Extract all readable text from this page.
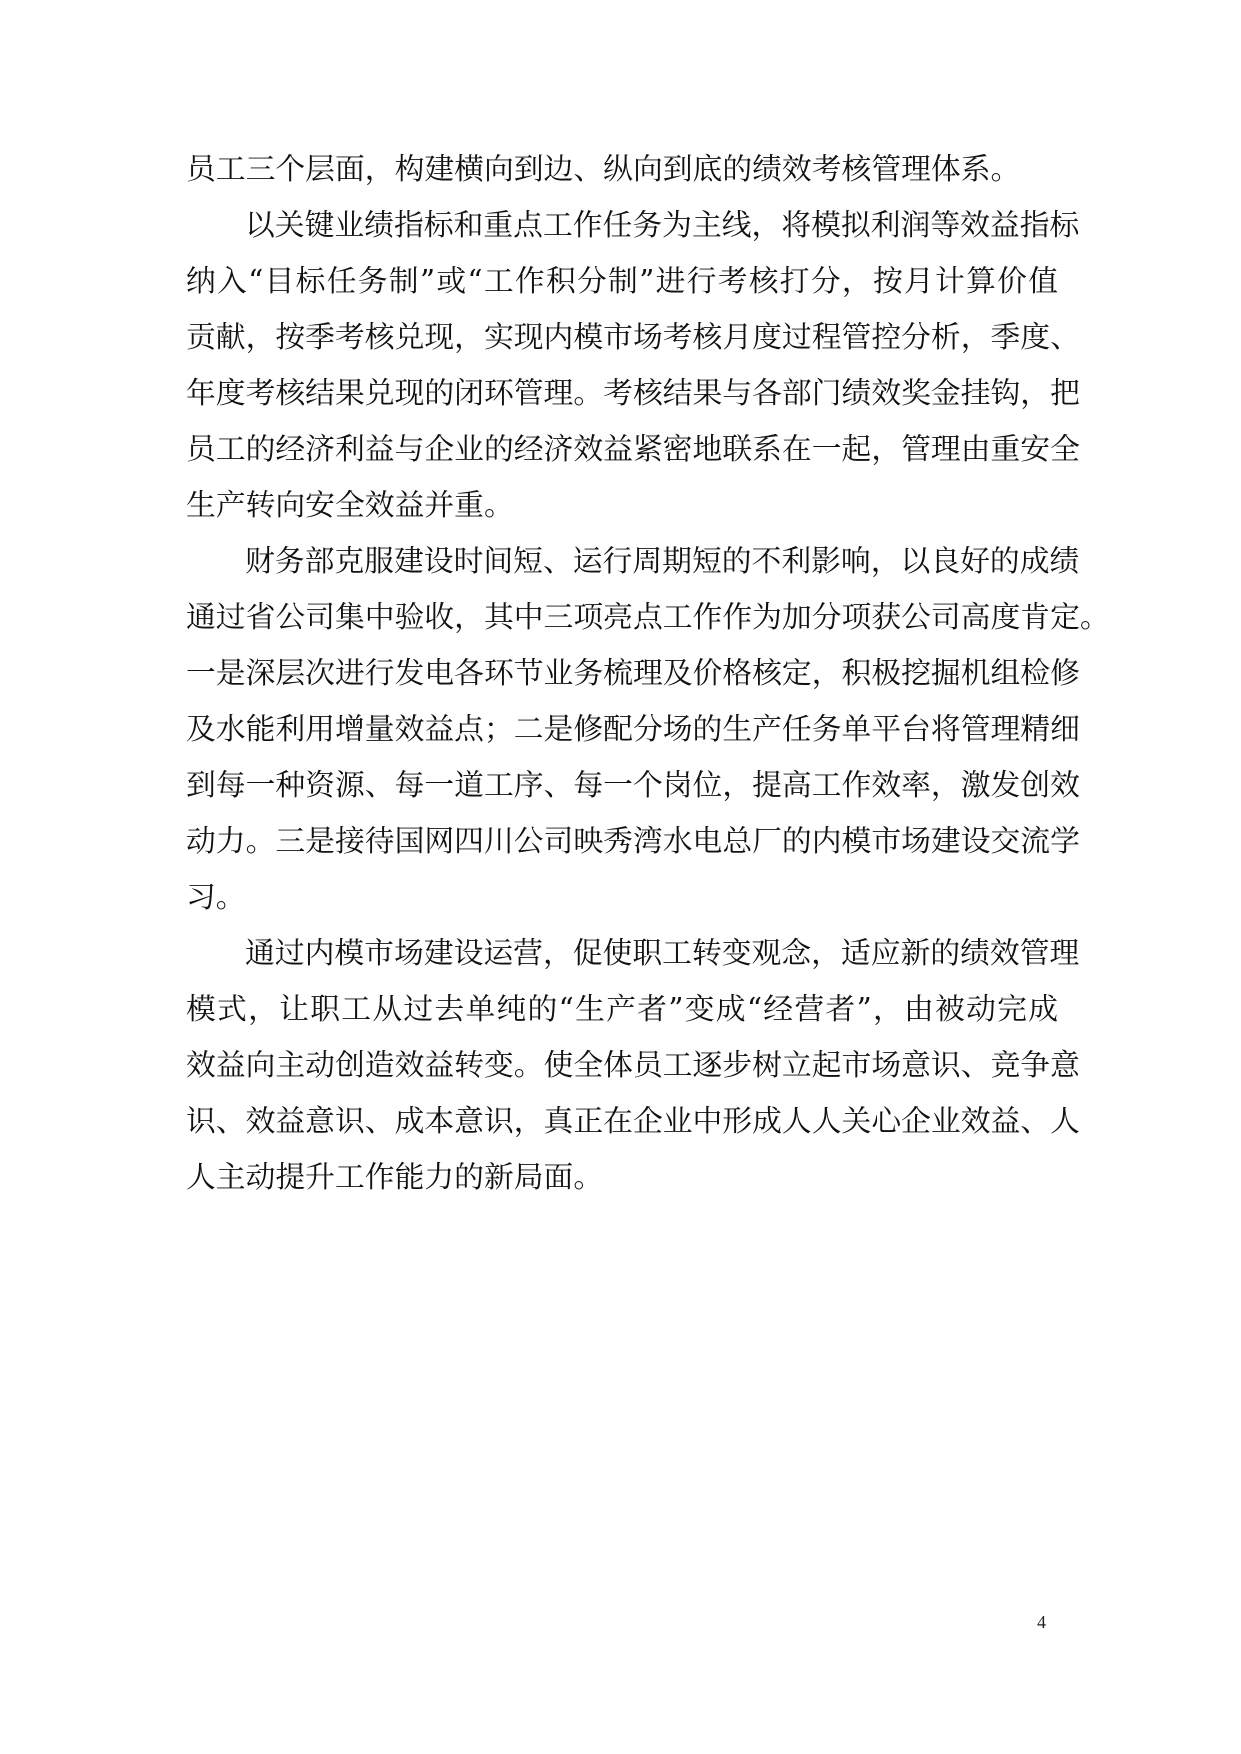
员工三个层面，构建横向到边、纵向到底的绩效考核管理体系。
以关键业绩指标和重点工作任务为主线，将模拟利润等效益指标
纳入“目标任务制”或“工作积分制”进行考核打分，按月计算价值
贡献，按季考核兑现，实现内模市场考核月度过程管控分析，季度、
年度考核结果兑现的闭环管理。考核结果与各部门绩效奖金挂钩，把
员工的经济利益与企业的经济效益紧密地联系在一起，管理由重安全
生产转向安全效益并重。
财务部克服建设时间短、运行周期短的不利影响，以良好的成绩
通过省公司集中验收，其中三项亮点工作作为加分项获公司高度肯定。
一是深层次进行发电各环节业务梳理及价格核定，积极挖掘机组检修
及水能利用增量效益点；二是修配分场的生产任务单平台将管理精细
到每一种资源、每一道工序、每一个岗位，提高工作效率，激发创效
动力。三是接待国网四川公司映秀湾水电总厂的内模市场建设交流学
习。
通过内模市场建设运营，促使职工转变观念，适应新的绩效管理
模式，让职工从过去单纯的“生产者”变成“经营者”，由被动完成
效益向主动创造效益转变。使全体员工逐步树立起市场意识、竞争意
识、效益意识、成本意识，真正在企业中形成人人关心企业效益、人
人主动提升工作能力的新局面。
4
